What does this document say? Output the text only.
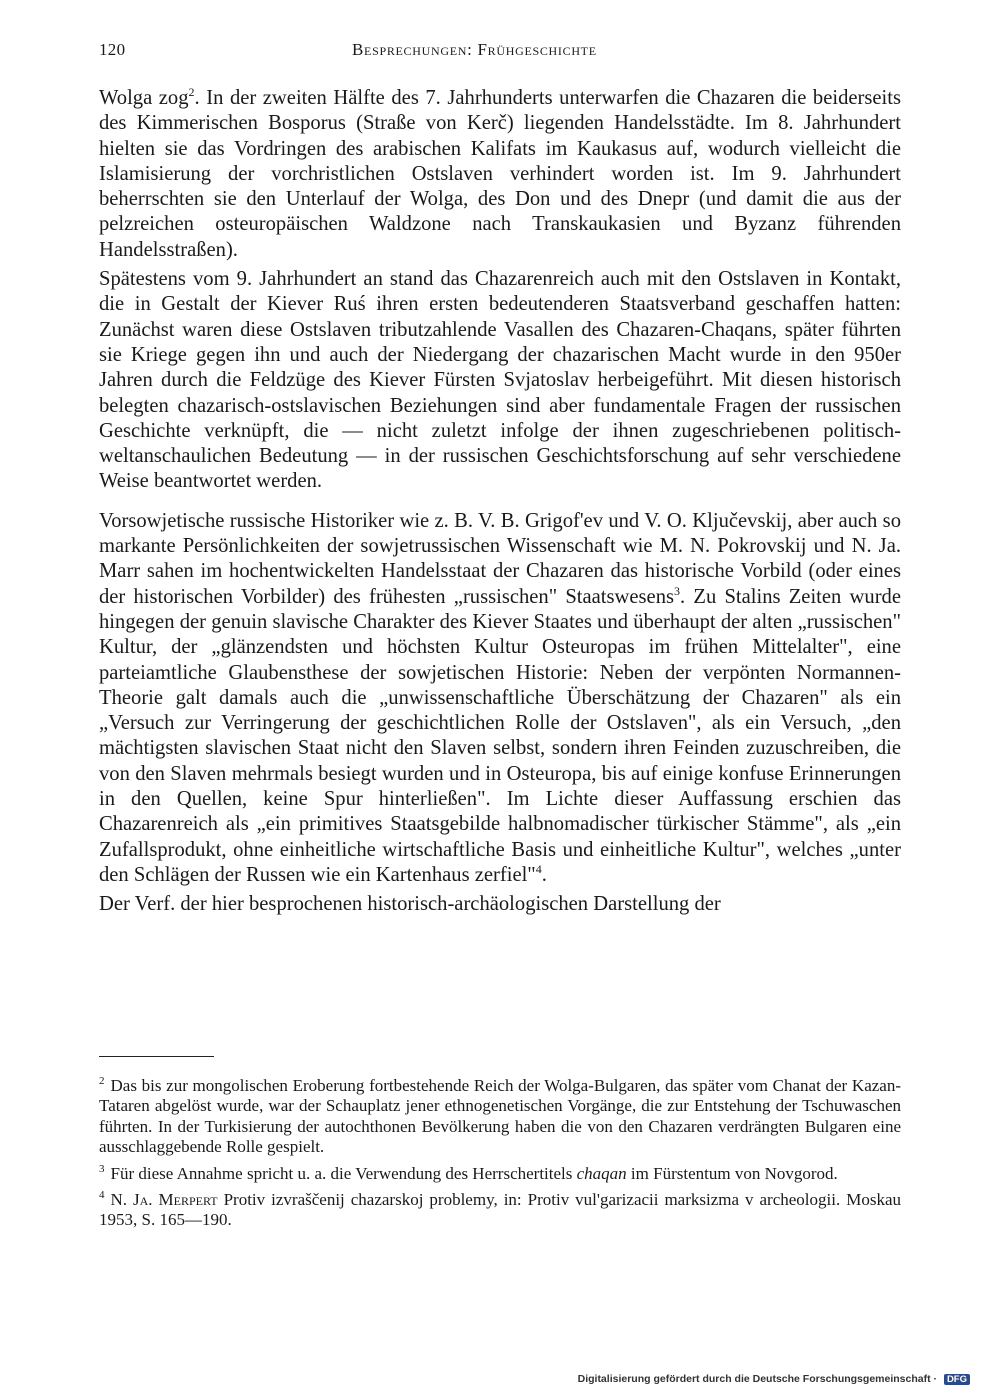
120	Besprechungen: Frühgeschichte

Wolga zog$^2$. In der zweiten Hälfte des 7. Jahrhunderts unterwarfen die Chazaren die beiderseits des Kimmerischen Bosporus (Straße von Kerč) liegenden Handelsstädte. Im 8. Jahrhundert hielten sie das Vordringen des arabischen Kalifats im Kaukasus auf, wodurch vielleicht die Islamisierung der vorchristlichen Ostslaven verhindert worden ist. Im 9. Jahrhundert beherrschten sie den Unterlauf der Wolga, des Don und des Dnepr (und damit die aus der pelzreichen osteuropäischen Waldzone nach Transkaukasien und Byzanz führenden Handelsstraßen).

Spätestens vom 9. Jahrhundert an stand das Chazarenreich auch mit den Ostslaven in Kontakt, die in Gestalt der Kiever Ruś ihren ersten bedeutenderen Staatsverband geschaffen hatten: Zunächst waren diese Ostslaven tributzahlende Vasallen des Chazaren-Chaqans, später führten sie Kriege gegen ihn und auch der Niedergang der chazarischen Macht wurde in den 950er Jahren durch die Feldzüge des Kiever Fürsten Svjatoslav herbeigeführt. Mit diesen historisch belegten chazarisch-ostslavischen Beziehungen sind aber fundamentale Fragen der russischen Geschichte verknüpft, die — nicht zuletzt infolge der ihnen zugeschriebenen politisch-weltanschaulichen Bedeutung — in der russischen Geschichtsforschung auf sehr verschiedene Weise beantwortet werden.

Vorsowjetische russische Historiker wie z. B. V. B. Grigof'ev und V. O. Ključevskij, aber auch so markante Persönlichkeiten der sowjetrussischen Wissenschaft wie M. N. Pokrovskij und N. Ja. Marr sahen im hochentwickelten Handelsstaat der Chazaren das historische Vorbild (oder eines der historischen Vorbilder) des frühesten „russischen" Staatswesens$^3$. Zu Stalins Zeiten wurde hingegen der genuin slavische Charakter des Kiever Staates und überhaupt der alten „russischen" Kultur, der „glänzendsten und höchsten Kultur Osteuropas im frühen Mittelalter", eine parteiamtliche Glaubensthese der sowjetischen Historie: Neben der verpönten Normannen-Theorie galt damals auch die „unwissenschaftliche Überschätzung der Chazaren" als ein „Versuch zur Verringerung der geschichtlichen Rolle der Ostslaven", als ein Versuch, „den mächtigsten slavischen Staat nicht den Slaven selbst, sondern ihren Feinden zuzuschreiben, die von den Slaven mehrmals besiegt wurden und in Osteuropa, bis auf einige konfuse Erinnerungen in den Quellen, keine Spur hinterließen". Im Lichte dieser Auffassung erschien das Chazarenreich als „ein primitives Staatsgebilde halbnomadischer türkischer Stämme", als „ein Zufallsprodukt, ohne einheitliche wirtschaftliche Basis und einheitliche Kultur", welches „unter den Schlägen der Russen wie ein Kartenhaus zerfiel"$^4$.

Der Verf. der hier besprochenen historisch-archäologischen Darstellung der

$^2$ Das bis zur mongolischen Eroberung fortbestehende Reich der Wolga-Bulgaren, das später vom Chanat der Kazan-Tataren abgelöst wurde, war der Schauplatz jener ethnogenetischen Vorgänge, die zur Entstehung der Tschuwaschen führten. In der Turkisierung der autochthonen Bevölkerung haben die von den Chazaren verdrängten Bulgaren eine ausschlaggebende Rolle gespielt.

$^3$ Für diese Annahme spricht u. a. die Verwendung des Herrschertitels chaqan im Fürstentum von Novgorod.

$^4$ N. Ja. Merpert Protiv izvraščenij chazarskoj problemy, in: Protiv vul'garizacii marksizma v archeologii. Moskau 1953, S. 165—190.

Digitalisierung gefördert durch die Deutsche Forschungsgemeinschaft · DFG
